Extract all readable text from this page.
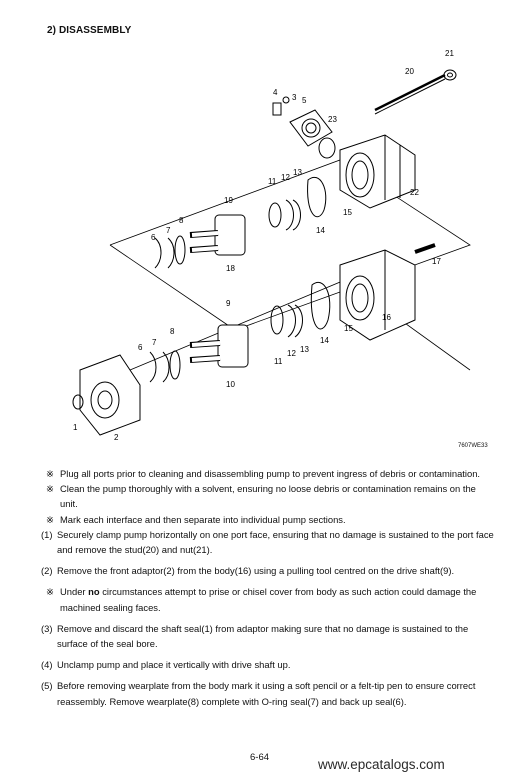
2) DISASSEMBLY
21
20
4
3 5
23
22
15
11 12
13
14
19
8
7
6
18
17
16
15
14
13
12
11
9
8
7
6
10
1
2
7607WE33
※ Plug all ports prior to cleaning and disassembling pump to prevent ingress of debris or contamination.
※ Clean the pump thoroughly with a solvent, ensuring no loose debris or contamination remains on the unit.
※ Mark each interface and then separate into individual pump sections.
(1) Securely clamp pump horizontally on one port face, ensuring that no damage is sustained to the port face and remove the stud(20) and nut(21).
(2) Remove the front adaptor(2) from the body(16) using a pulling tool centred on the drive shaft(9).
※ Under no circumstances attempt to prise or chisel cover from body as such action could damage the machined sealing faces.
(3) Remove and discard the shaft seal(1) from adaptor making sure that no damage is sustained to the surface of the seal bore.
(4) Unclamp pump and place it vertically with drive shaft up.
(5) Before removing wearplate from the body mark it using a soft pencil or a felt-tip pen to ensure correct reassembly. Remove wearplate(8) complete with O-ring seal(7) and back up seal(6).
6-64	www.epcatalogs.com
